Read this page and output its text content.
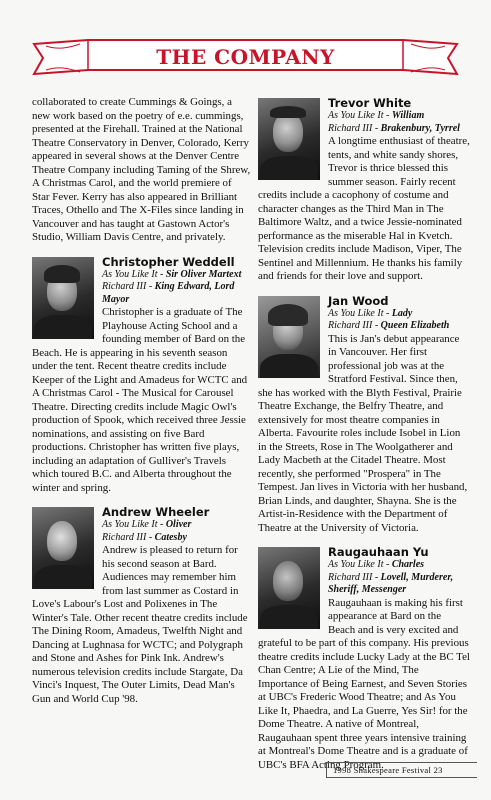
THE COMPANY

collaborated to create Cummings & Goings, a new work based on the poetry of e.e. cummings, presented at the Firehall. Trained at the National Theatre Conservatory in Denver, Colorado, Kerry appeared in several shows at the Denver Centre Theatre Company including Taming of the Shrew, A Christmas Carol, and the world premiere of Star Fever. Kerry has also appeared in Brilliant Traces, Othello and The X-Files since landing in Vancouver and has taught at Gastown Actor's Studio, William Davis Centre, and privately.

Christopher Weddell
As You Like It - Sir Oliver Martext
Richard III - King Edward, Lord Mayor

Christopher is a graduate of The Playhouse Acting School and a founding member of Bard on the Beach. He is appearing in his seventh season under the tent. Recent theatre credits include Keeper of the Light and Amadeus for WCTC and A Christmas Carol - The Musical for Carousel Theatre. Directing credits include Magic Owl's production of Spook, which received three Jessie nominations, and assisting on five Bard productions. Christopher has written five plays, including an adaptation of Gulliver's Travels which toured B.C. and Alberta throughout the winter and spring.

Andrew Wheeler
As You Like It - Oliver
Richard III - Catesby

Andrew is pleased to return for his second season at Bard. Audiences may remember him from last summer as Costard in Love's Labour's Lost and Polixenes in The Winter's Tale. Other recent theatre credits include The Dining Room, Amadeus, Twelfth Night and Dancing at Lughnasa for WCTC; and Polygraph and Stone and Ashes for Pink Ink. Andrew's numerous television credits include Stargate, Da Vinci's Inquest, The Outer Limits, Dead Man's Gun and World Cup '98.

Trevor White
As You Like It - William
Richard III - Brakenbury, Tyrrel

A longtime enthusiast of theatre, tents, and white sandy shores, Trevor is thrice blessed this summer season. Fairly recent credits include a cacophony of costume and character changes as the Third Man in The Baltimore Waltz, and a twice Jessie-nominated performance as the miserable Hal in Kvetch. Television credits include Madison, Viper, The Sentinel and Millennium. He thanks his family and friends for their love and support.

Jan Wood
As You Like It - Lady
Richard III - Queen Elizabeth

This is Jan's debut appearance in Vancouver. Her first professional job was at the Stratford Festival. Since then, she has worked with the Blyth Festival, Prairie Theatre Exchange, the Belfry Theatre, and extensively for most theatre companies in Alberta. Favourite roles include Isobel in Lion in the Streets, Rose in The Woolgatherer and Lady Macbeth at the Citadel Theatre. Most recently, she performed "Prospera" in The Tempest. Jan lives in Victoria with her husband, Brian Linds, and daughter, Shayna. She is the Artist-in-Residence with the Department of Theatre at the University of Victoria.

Raugauhaan Yu
As You Like It - Charles
Richard III - Lovell, Murderer, Sheriff, Messenger

Raugauhaan is making his first appearance at Bard on the Beach and is very excited and grateful to be part of this company. His previous theatre credits include Lucky Lady at the BC Tel Chan Centre; A Lie of the Mind, The Importance of Being Earnest, and Seven Stories at UBC's Frederic Wood Theatre; and As You Like It, Phaedra, and La Guerre, Yes Sir! for the Dome Theatre. A native of Montreal, Raugauhaan spent three years intensive training at Montreal's Dome Theatre and is a graduate of UBC's BFA Acting Program.

1998 Shakespeare Festival 23
